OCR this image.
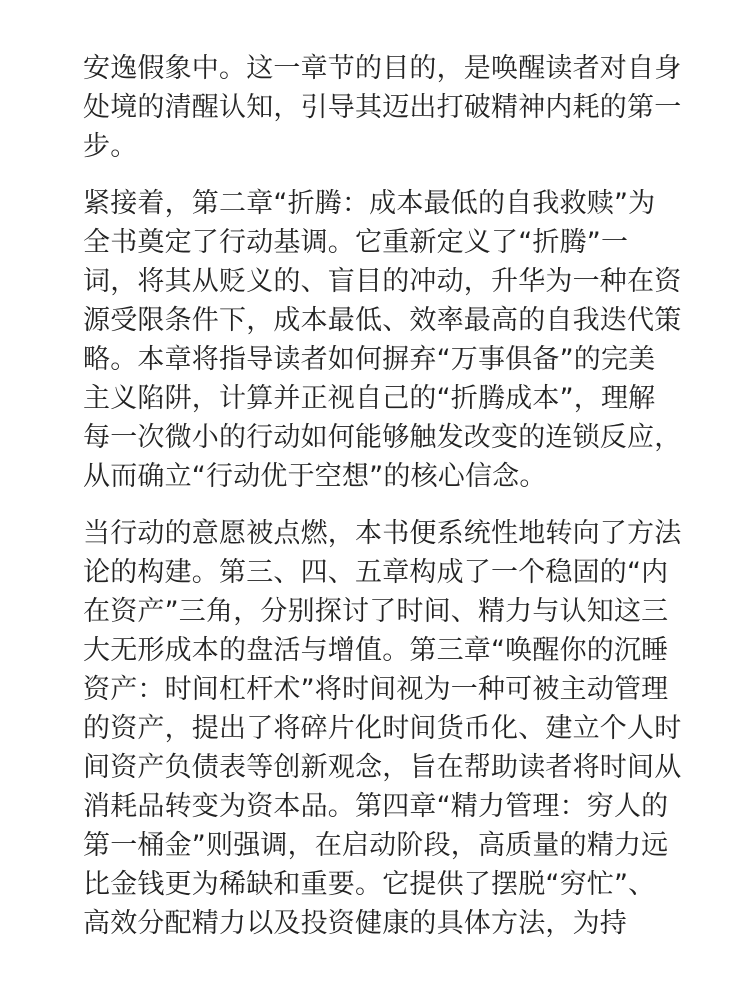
安逸假象中。这一章节的目的，是唤醒读者对自身
处境的清醒认知，引导其迈出打破精神内耗的第一
步。
紧接着，第二章“折腾：成本最低的自我救赎”为
全书奠定了行动基调。它重新定义了“折腾”一
词，将其从贬义的、盲目的冲动，升华为一种在资
源受限条件下，成本最低、效率最高的自我迭代策
略。本章将指导读者如何摒弃“万事俱备”的完美
主义陷阱，计算并正视自己的“折腾成本”，理解
每一次微小的行动如何能够触发改变的连锁反应，
从而确立“行动优于空想”的核心信念。
当行动的意愿被点燃，本书便系统性地转向了方法
论的构建。第三、四、五章构成了一个稳固的“内
在资产”三角，分别探讨了时间、精力与认知这三
大无形成本的盘活与增值。第三章“唤醒你的沉睡
资产：时间杠杆术”将时间视为一种可被主动管理
的资产，提出了将碎片化时间货币化、建立个人时
间资产负债表等创新观念，旨在帮助读者将时间从
消耗品转变为资本品。第四章“精力管理：穷人的
第一桶金”则强调，在启动阶段，高质量的精力远
比金钱更为稀缺和重要。它提供了摆脱“穷忙”、
高效分配精力以及投资健康的具体方法，为持
